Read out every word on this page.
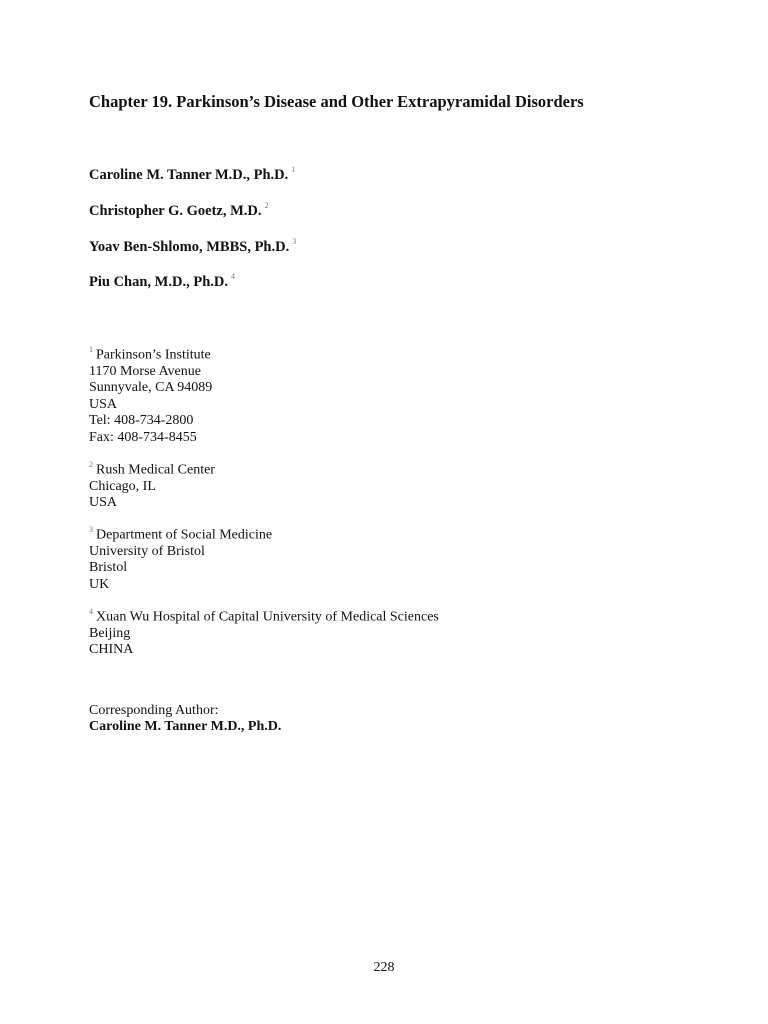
Chapter 19. Parkinson’s Disease and Other Extrapyramidal Disorders
Caroline M. Tanner M.D., Ph.D. $^1$
Christopher G. Goetz, M.D. $^2$
Yoav Ben-Shlomo, MBBS, Ph.D. $^3$
Piu Chan, M.D., Ph.D. $^4$
$^1$ Parkinson’s Institute
1170 Morse Avenue
Sunnyvale, CA 94089
USA
Tel: 408-734-2800
Fax: 408-734-8455
$^2$ Rush Medical Center
Chicago, IL
USA
$^3$ Department of Social Medicine
University of Bristol
Bristol
UK
$^4$ Xuan Wu Hospital of Capital University of Medical Sciences
Beijing
CHINA
Corresponding Author:
Caroline M. Tanner M.D., Ph.D.
228
